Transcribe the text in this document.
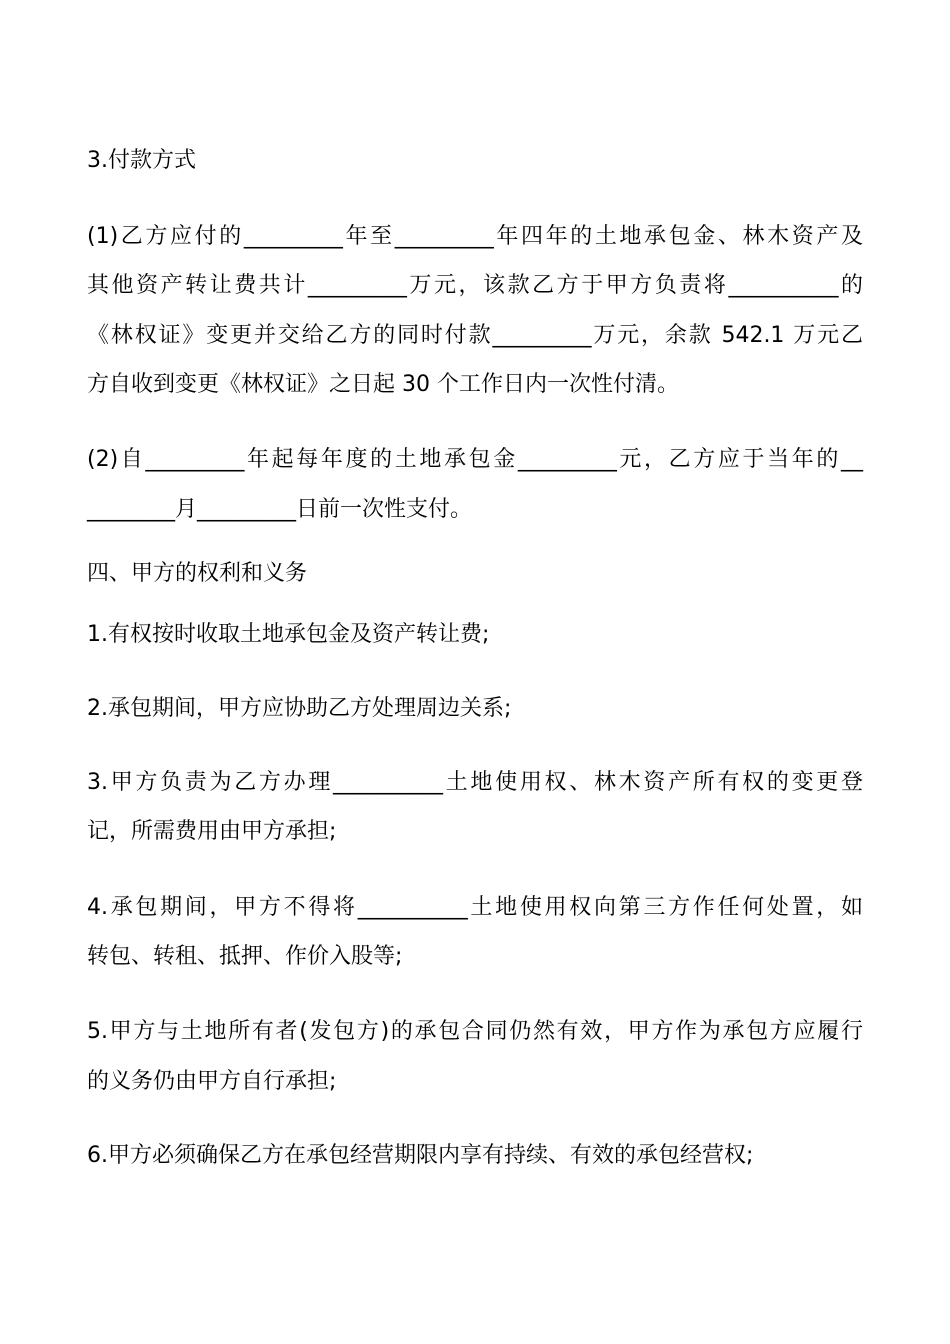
3.付款方式
(1)乙方应付的_________年至_________年四年的土地承包金、林木资产及
其他资产转让费共计_________万元，该款乙方于甲方负责将__________的
《林权证》变更并交给乙方的同时付款_________万元，余款 542.1 万元乙
方自收到变更《林权证》之日起 30 个工作日内一次性付清。
(2)自_________年起每年度的土地承包金_________元，乙方应于当年的__
________月_________日前一次性支付。
四、甲方的权利和义务
1.有权按时收取土地承包金及资产转让费;
2.承包期间，甲方应协助乙方处理周边关系;
3.甲方负责为乙方办理__________土地使用权、林木资产所有权的变更登
记，所需费用由甲方承担;
4.承包期间，甲方不得将__________土地使用权向第三方作任何处置，如
转包、转租、抵押、作价入股等;
5.甲方与土地所有者(发包方)的承包合同仍然有效，甲方作为承包方应履行
的义务仍由甲方自行承担;
6.甲方必须确保乙方在承包经营期限内享有持续、有效的承包经营权;
